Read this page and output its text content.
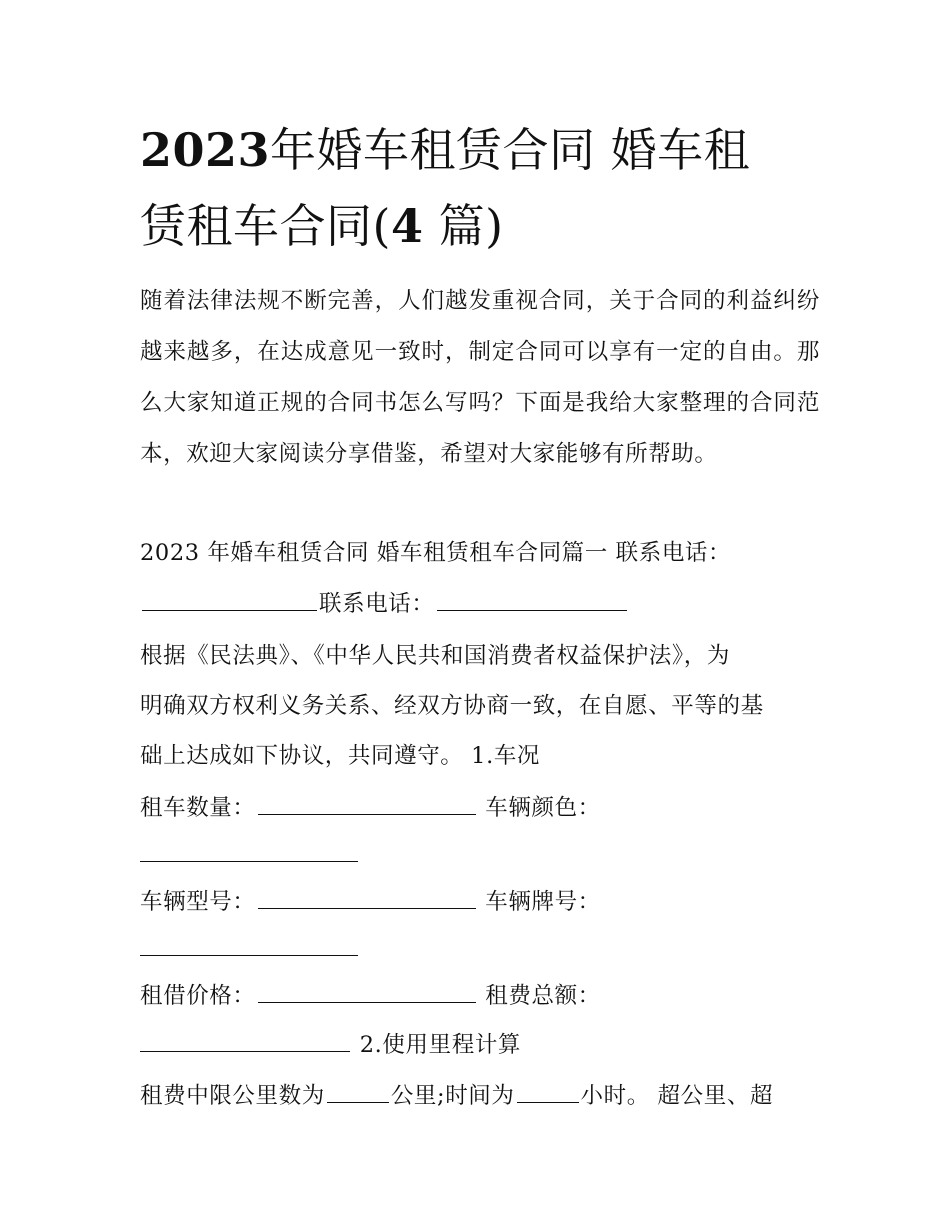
2023年婚车租赁合同 婚车租
赁租车合同(4 篇)

随着法律法规不断完善，人们越发重视合同，关于合同的利益纠纷越来越多，在达成意见一致时，制定合同可以享有一定的自由。那么大家知道正规的合同书怎么写吗？下面是我给大家整理的合同范本，欢迎大家阅读分享借鉴，希望对大家能够有所帮助。

2023 年婚车租赁合同 婚车租赁租车合同篇一 联系电话：

联系电话：

根据《民法典》、《中华人民共和国消费者权益保护法》，为

明确双方权利义务关系、经双方协商一致，在自愿、平等的基

础上达成如下协议，共同遵守。 1.车况

租车数量：	车辆颜色：

车辆型号：	车辆牌号：

租借价格：	租费总额：

2.使用里程计算

租费中限公里数为	公里;时间为	小时。 超公里、超
